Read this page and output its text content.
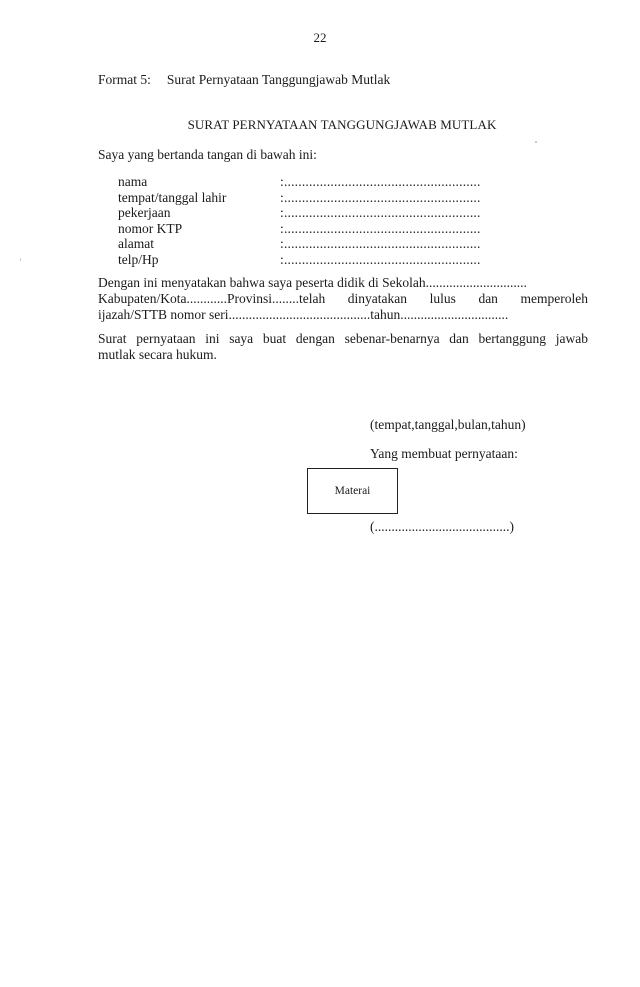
22
Format 5: Surat Pernyataan Tanggungjawab Mutlak
SURAT PERNYATAAN TANGGUNGJAWAB MUTLAK
Saya yang bertanda tangan di bawah ini:
nama	:.......................................................
tempat/tanggal lahir	:.......................................................
pekerjaan	:.......................................................
nomor KTP	:.......................................................
alamat	:.......................................................
telp/Hp	:.......................................................
Dengan ini menyatakan bahwa saya peserta didik di Sekolah..............................
Kabupaten/Kota............Provinsi........telah dinyatakan lulus dan memperoleh
ijazah/STTB nomor seri..........................................tahun................................
Surat pernyataan ini saya buat dengan sebenar-benarnya dan bertanggung jawab
mutlak secara hukum.
(tempat,tanggal,bulan,tahun)
Yang membuat pernyataan:
Materai
(........................................)
